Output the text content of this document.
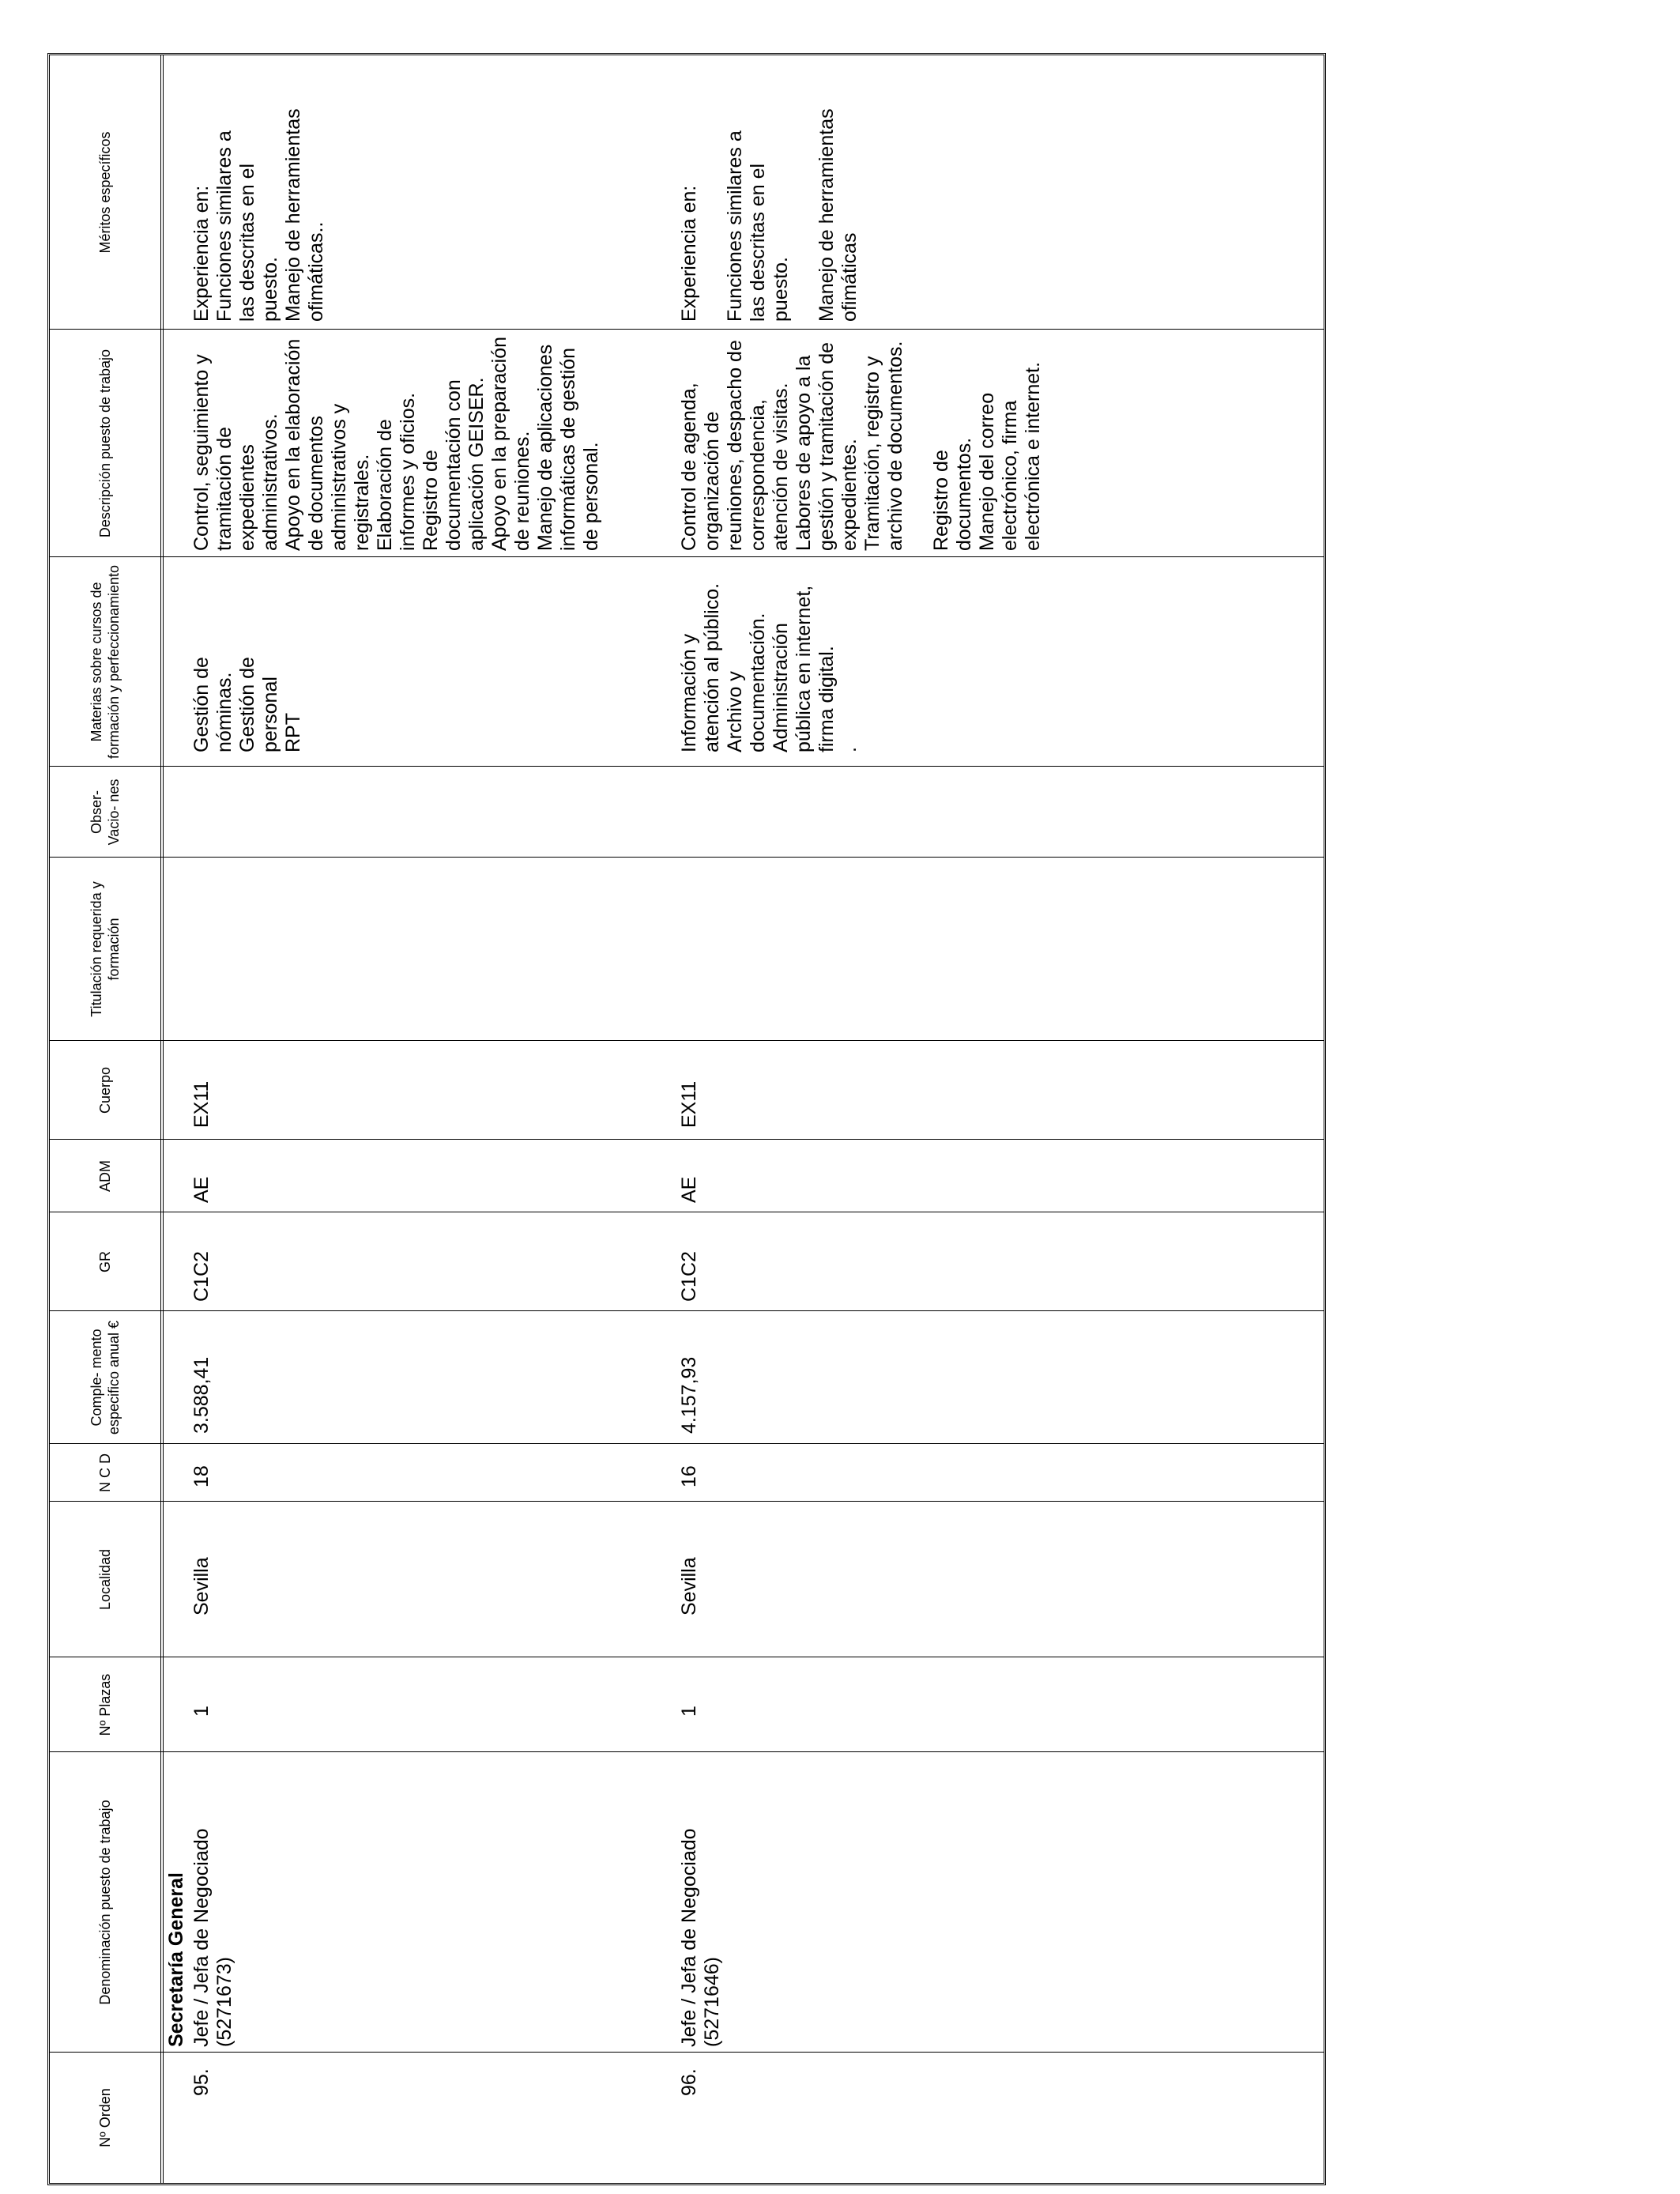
Nº Orden
Denominación puesto de trabajo
Nº Plazas
Localidad
N C D
Comple- mento especifico anual €
GR
ADM
Cuerpo
Titulación requerida y formación
Obser- Vacio- nes
Materias sobre cursos de formación y perfeccionamiento
Descripción puesto de trabajo
Méritos específicos
Secretaría General
95.
Jefe / Jefa de Negociado
(5271673)
1
Sevilla
18
3.588,41
C1C2
AE
EX11
Gestión de
nóminas.
Gestión de
personal
RPT
Control, seguimiento y
tramitación de
expedientes
administrativos.
Apoyo en la elaboración
de documentos
administrativos y
registrales.
Elaboración de
informes y oficios.
Registro de
documentación con
aplicación GEISER.
Apoyo en la preparación
de reuniones.
Manejo de aplicaciones
informáticas de gestión
de personal.
Experiencia en:
Funciones similares a
las descritas en el
puesto.
Manejo de herramientas
ofimáticas..
96.
Jefe / Jefa de Negociado
(5271646)
1
Sevilla
16
4.157,93
C1C2
AE
EX11
Información y
atención al público.
Archivo y
documentación.
Administración
pública en internet,
firma digital.
.
Control de agenda,
organización de
reuniones, despacho de
correspondencia,
atención de visitas.
Labores de apoyo a la
gestión y tramitación de
expedientes.
Tramitación, registro y
archivo de documentos.

Registro de
documentos.
Manejo del correo
electrónico, firma
electrónica e internet.
Experiencia en:

Funciones similares a
las descritas en el
puesto.

Manejo de herramientas
ofimáticas
